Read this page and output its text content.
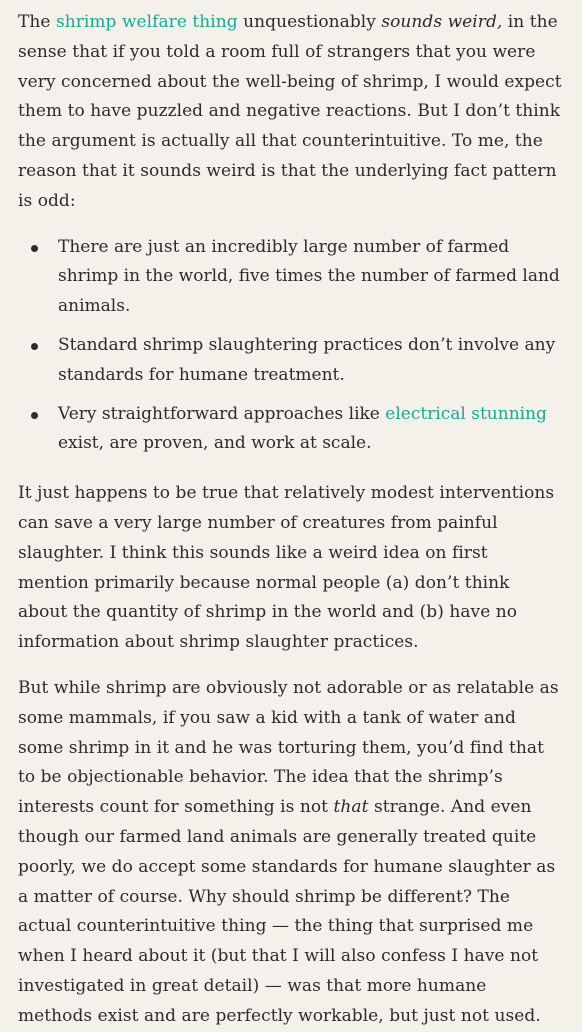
The shrimp welfare thing unquestionably sounds weird, in the sense that if you told a room full of strangers that you were very concerned about the well-being of shrimp, I would expect them to have puzzled and negative reactions. But I don’t think the argument is actually all that counterintuitive. To me, the reason that it sounds weird is that the underlying fact pattern is odd:

There are just an incredibly large number of farmed shrimp in the world, five times the number of farmed land animals.
Standard shrimp slaughtering practices don’t involve any standards for humane treatment.
Very straightforward approaches like electrical stunning exist, are proven, and work at scale.

It just happens to be true that relatively modest interventions can save a very large number of creatures from painful slaughter. I think this sounds like a weird idea on first mention primarily because normal people (a) don’t think about the quantity of shrimp in the world and (b) have no information about shrimp slaughter practices.

But while shrimp are obviously not adorable or as relatable as some mammals, if you saw a kid with a tank of water and some shrimp in it and he was torturing them, you’d find that to be objectionable behavior. The idea that the shrimp’s interests count for something is not that strange. And even though our farmed land animals are generally treated quite poorly, we do accept some standards for humane slaughter as a matter of course. Why should shrimp be different? The actual counterintuitive thing — the thing that surprised me when I heard about it (but that I will also confess I have not investigated in great detail) — was that more humane methods exist and are perfectly workable, but just not used.
